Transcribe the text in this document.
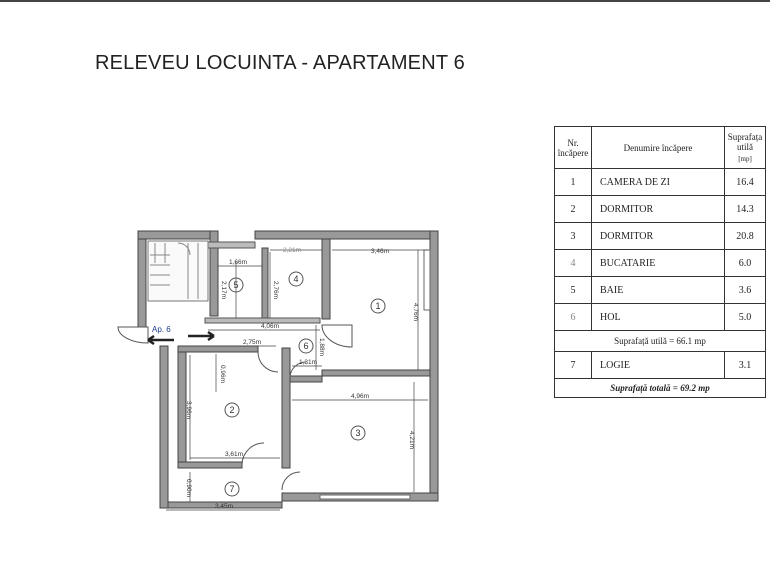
RELEVEU LOCUINTA - APARTAMENT 6
1
2
3
4
5
6
7
Ap. 6
1,66m
2,21m	3,46m
2,17m	2,76m
4,76m
4,06m
2,75m	1,88m
1,31m
0,96m
4,96m
3,96m
4,21m
3,61m
0,90m
3,45m
Nr. încăpere	Denumire încăpere	Suprafața utilă
[mp]

1	CAMERA DE ZI	16.4
2	DORMITOR	14.3
3	DORMITOR	20.8
4	BUCATARIE	6.0
5	BAIE	3.6
6	HOL	5.0
Suprafață utilă = 66.1 mp		
7	LOGIE	3.1
Suprafață totală = 69.2 mp		
